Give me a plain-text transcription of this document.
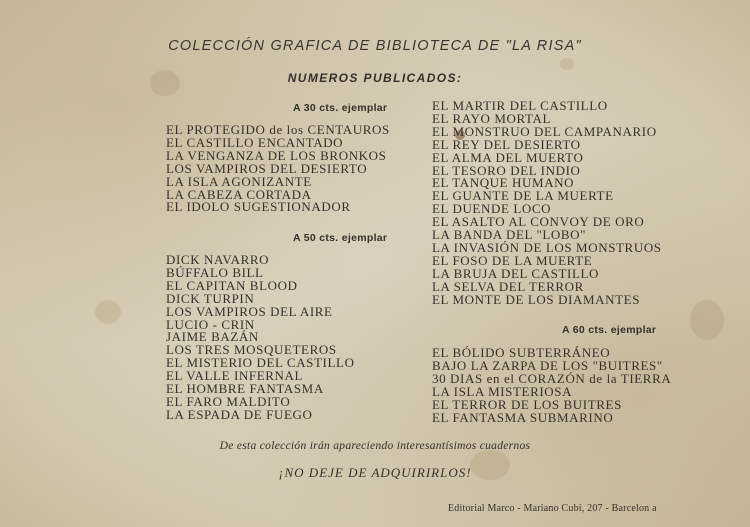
COLECCIÓN GRAFICA DE BIBLIOTECA DE "LA RISA"
NUMEROS PUBLICADOS:
A 30 cts. ejemplar
EL PROTEGIDO de los CENTAUROS
EL CASTILLO ENCANTADO
LA VENGANZA DE LOS BRONKOS
LOS VAMPIROS DEL DESIERTO
LA ISLA AGONIZANTE
LA CABEZA CORTADA
EL IDOLO SUGESTIONADOR
A 50 cts. ejemplar
DICK NAVARRO
BÚFFALO BILL
EL CAPITAN BLOOD
DICK TURPIN
LOS VAMPIROS DEL AIRE
LUCIO - CRIN
JAIME BAZÁN
LOS TRES MOSQUETEROS
EL MISTERIO DEL CASTILLO
EL VALLE INFERNAL
EL HOMBRE FANTASMA
EL FARO MALDITO
LA ESPADA DE FUEGO
EL MARTIR DEL CASTILLO
EL RAYO MORTAL
EL MONSTRUO DEL CAMPANARIO
EL REY DEL DESIERTO
EL ALMA DEL MUERTO
EL TESORO DEL INDIO
EL TANQUE HUMANO
EL GUANTE DE LA MUERTE
EL DUENDE LOCO
EL ASALTO AL CONVOY DE ORO
LA BANDA DEL "LOBO"
LA INVASIÓN DE LOS MONSTRUOS
EL FOSO DE LA MUERTE
LA BRUJA DEL CASTILLO
LA SELVA DEL TERROR
EL MONTE DE LOS DIAMANTES
A 60 cts. ejemplar
EL BÓLIDO SUBTERRÁNEO
BAJO LA ZARPA DE LOS "BUITRES"
30 DIAS en el CORAZÓN de la TIERRA
LA ISLA MISTERIOSA
EL TERROR DE LOS BUITRES
EL FANTASMA SUBMARINO
De esta colección irán apareciendo interesantísimos cuadernos
¡NO DEJE DE ADQUIRIRLOS!
Editorial Marco - Mariano Cubí, 207 - Barcelon a
